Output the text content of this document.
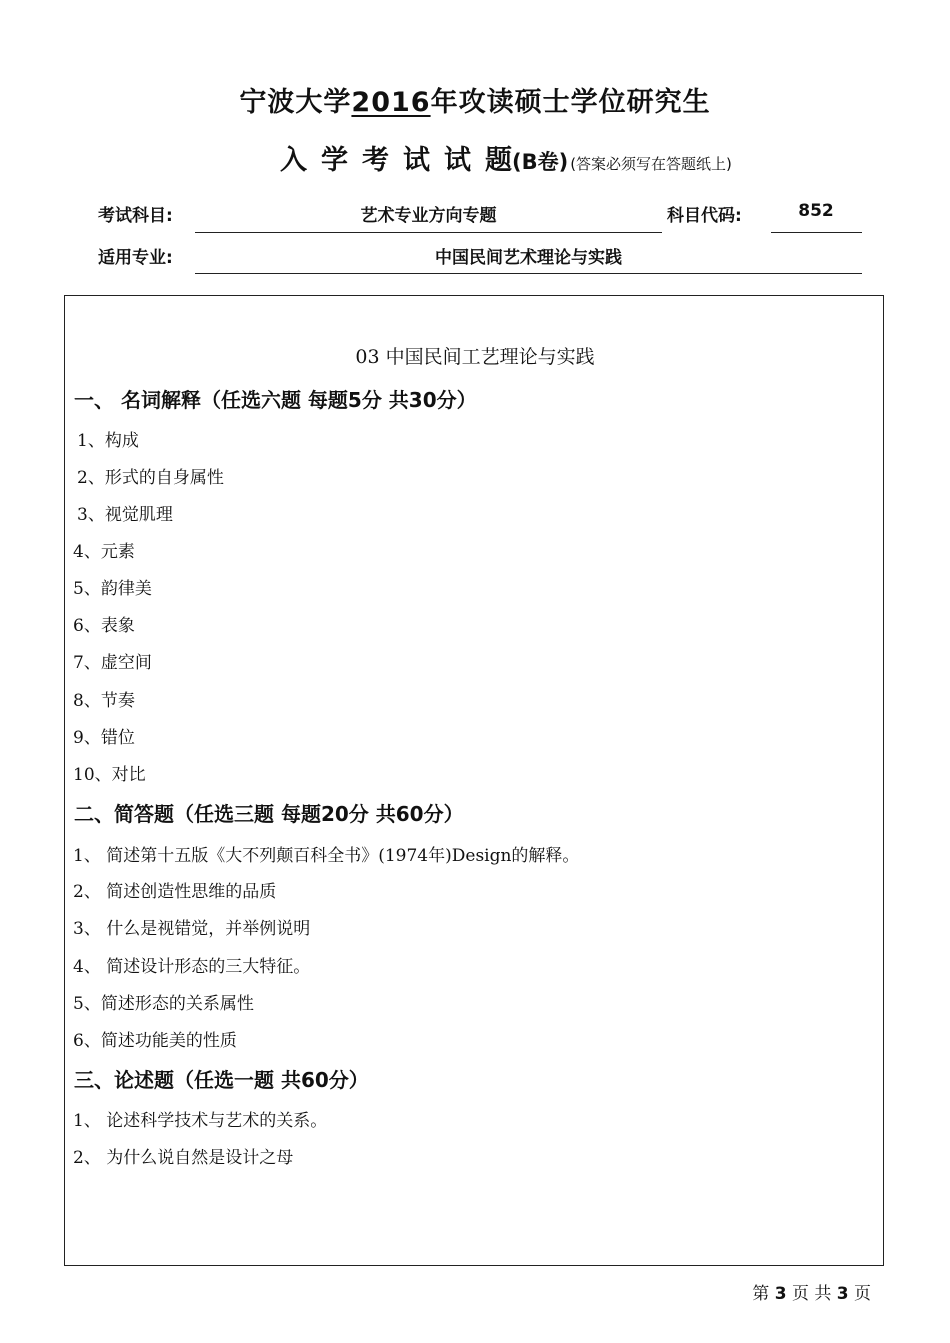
宁波大学2016年攻读硕士学位研究生
入学考试试题(B卷) (答案必须写在答题纸上)
考试科目:	艺术专业方向专题	科目代码:	852
适用专业:	中国民间艺术理论与实践
03 中国民间工艺理论与实践
一、 名词解释（任选六题 每题5分 共30分）
1、构成
2、形式的自身属性
3、视觉肌理
4、元素
5、韵律美
6、表象
7、虚空间
8、节奏
9、错位
10、对比
二、简答题（任选三题 每题20分 共60分）
1、 简述第十五版《大不列颠百科全书》(1974年)Design的解释。
2、 简述创造性思维的品质
3、 什么是视错觉，并举例说明
4、 简述设计形态的三大特征。
5、简述形态的关系属性
6、简述功能美的性质
三、论述题（任选一题 共60分）
1、 论述科学技术与艺术的关系。
2、 为什么说自然是设计之母
第 3 页 共 3 页
